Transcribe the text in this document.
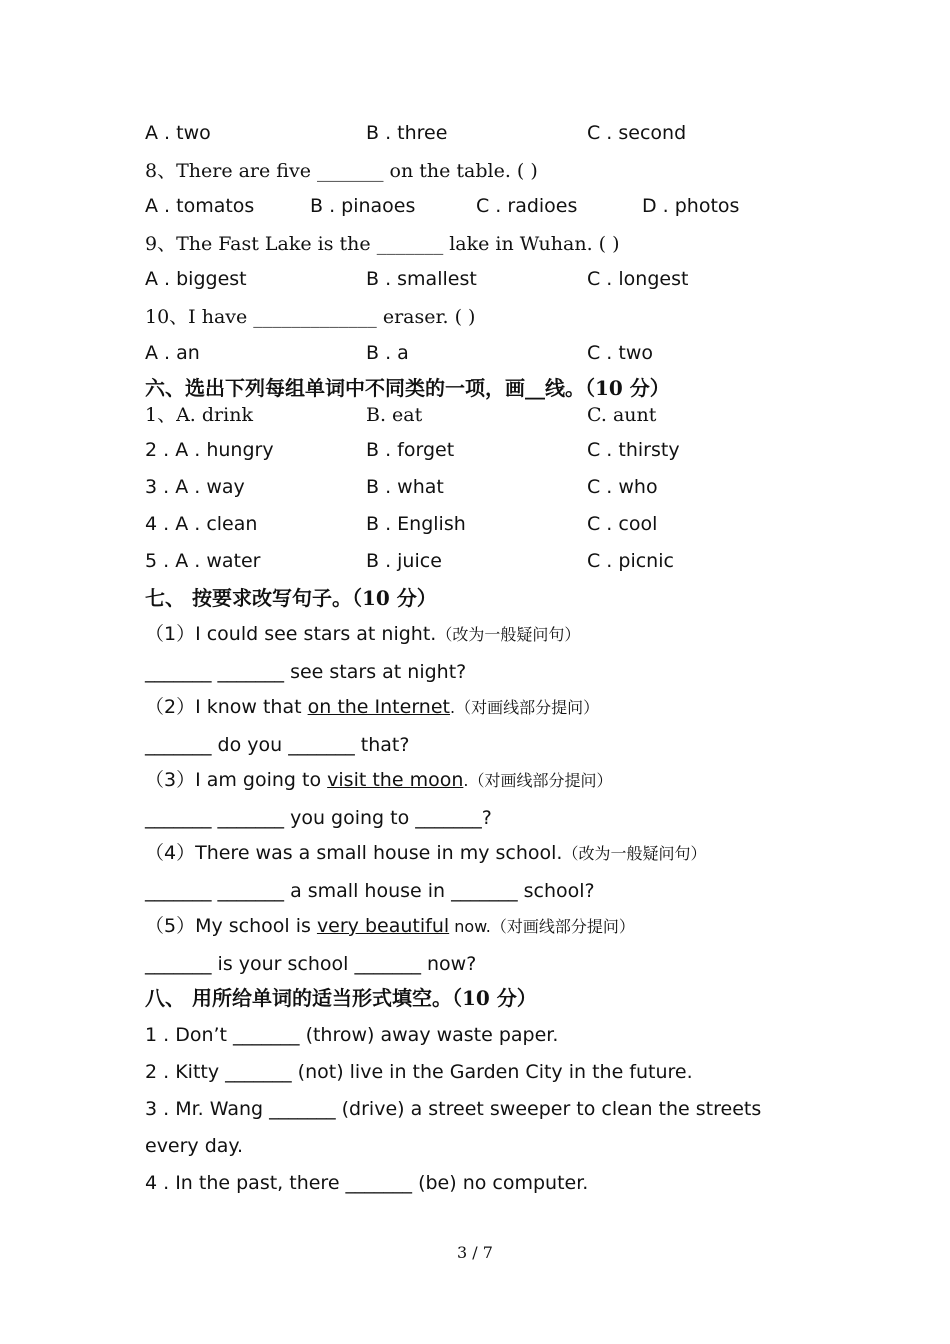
A . two	B . three	C . second
8、There are five _______ on the table. ( )
A . tomatos	B . pinaoes	C . radioes	D . photos
9、The Fast Lake is the _______ lake in Wuhan. ( )
A . biggest	B . smallest	C . longest
10、I have _____________ eraser. ( )
A . an	B . a	C . two
六、选出下列每组单词中不同类的一项，画__线。（10 分）
1、A. drink	B. eat	C. aunt
2 . A . hungry	B . forget	C . thirsty
3 . A . way	B . what	C . who
4 . A . clean	B . English	C . cool
5 . A . water	B . juice	C . picnic
七、 按要求改写句子。（10 分）
（1）I could see stars at night.（改为一般疑问句）
_______ _______ see stars at night?
（2）I know that on the Internet.（对画线部分提问）
_______ do you _______ that?
（3）I am going to visit the moon.（对画线部分提问）
_______ _______ you going to _______?
（4）There was a small house in my school.（改为一般疑问句）
_______ _______ a small house in _______ school?
（5）My school is very beautiful now.（对画线部分提问）
_______ is your school _______ now?
八、 用所给单词的适当形式填空。（10 分）
1 . Don’t _______ (throw) away waste paper.
2 . Kitty _______ (not) live in the Garden City in the future.
3 . Mr. Wang _______ (drive) a street sweeper to clean the streets
every day.
4 . In the past, there _______ (be) no computer.
3 / 7
